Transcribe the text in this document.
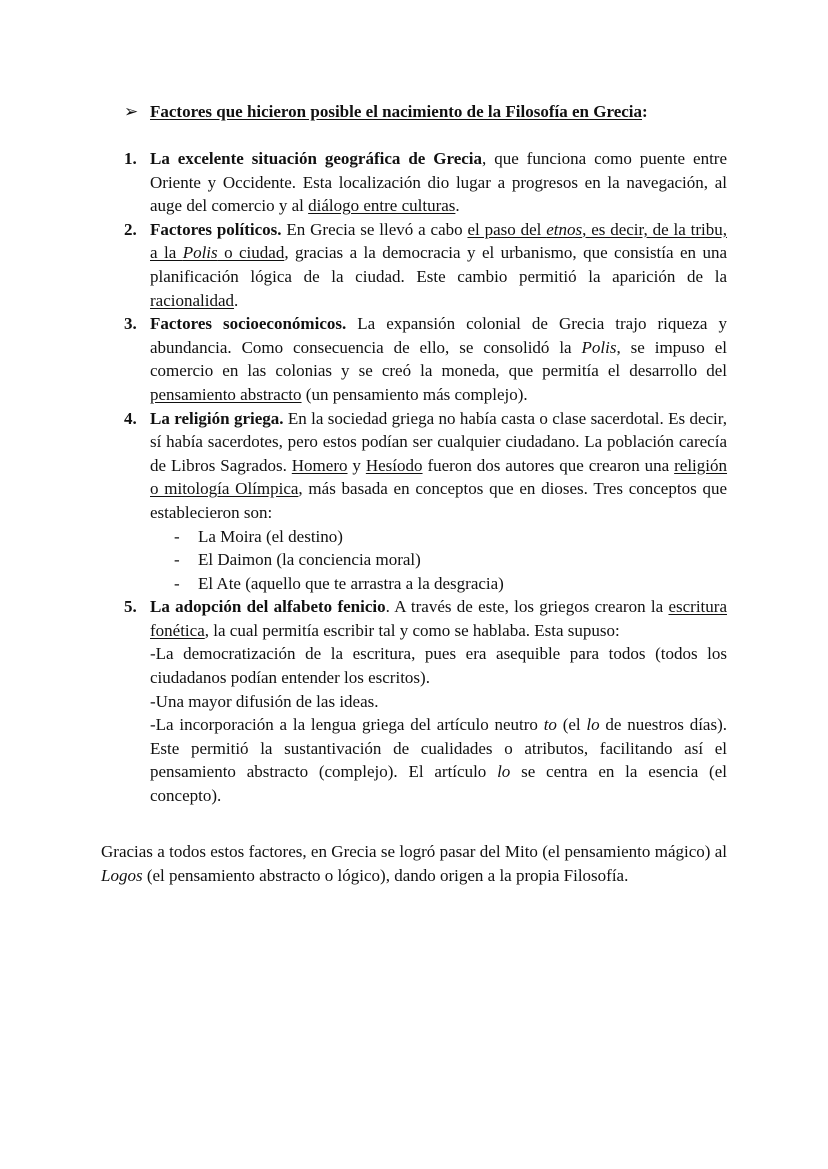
➢ Factores que hicieron posible el nacimiento de la Filosofía en Grecia:
1. La excelente situación geográfica de Grecia, que funciona como puente entre Oriente y Occidente. Esta localización dio lugar a progresos en la navegación, al auge del comercio y al diálogo entre culturas.
2. Factores políticos. En Grecia se llevó a cabo el paso del etnos, es decir, de la tribu, a la Polis o ciudad, gracias a la democracia y el urbanismo, que consistía en una planificación lógica de la ciudad. Este cambio permitió la aparición de la racionalidad.
3. Factores socioeconómicos. La expansión colonial de Grecia trajo riqueza y abundancia. Como consecuencia de ello, se consolidó la Polis, se impuso el comercio en las colonias y se creó la moneda, que permitía el desarrollo del pensamiento abstracto (un pensamiento más complejo).
4. La religión griega. En la sociedad griega no había casta o clase sacerdotal. Es decir, sí había sacerdotes, pero estos podían ser cualquier ciudadano. La población carecía de Libros Sagrados. Homero y Hesíodo fueron dos autores que crearon una religión o mitología Olímpica, más basada en conceptos que en dioses. Tres conceptos que establecieron son:
- La Moira (el destino)
- El Daimon (la conciencia moral)
- El Ate (aquello que te arrastra a la desgracia)
5. La adopción del alfabeto fenicio. A través de este, los griegos crearon la escritura fonética, la cual permitía escribir tal y como se hablaba. Esta supuso:
-La democratización de la escritura, pues era asequible para todos (todos los ciudadanos podían entender los escritos).
-Una mayor difusión de las ideas.
-La incorporación a la lengua griega del artículo neutro to (el lo de nuestros días). Este permitió la sustantivación de cualidades o atributos, facilitando así el pensamiento abstracto (complejo). El artículo lo se centra en la esencia (el concepto).

Gracias a todos estos factores, en Grecia se logró pasar del Mito (el pensamiento mágico) al Logos (el pensamiento abstracto o lógico), dando origen a la propia Filosofía.
